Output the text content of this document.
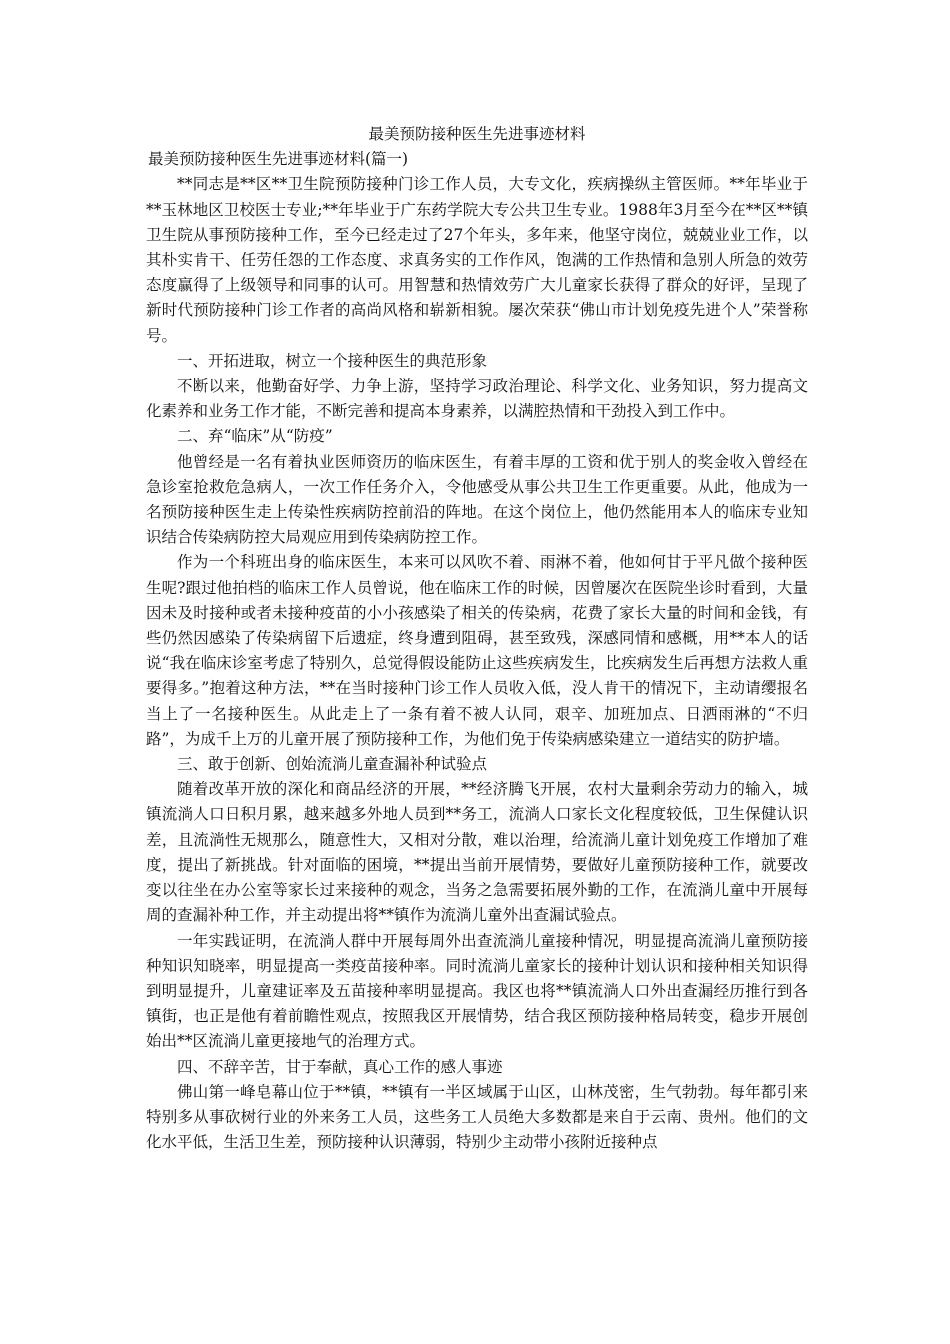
最美预防接种医生先进事迹材料
最美预防接种医生先进事迹材料(篇一)

**同志是**区**卫生院预防接种门诊工作人员，大专文化，疾病操纵主管医师。**年毕业于**玉林地区卫校医士专业;**年毕业于广东药学院大专公共卫生专业。1988年3月至今在**区**镇卫生院从事预防接种工作，至今已经走过了27个年头，多年来，他坚守岗位，兢兢业业工作，以其朴实肯干、任劳任怨的工作态度、求真务实的工作作风，饱满的工作热情和急别人所急的效劳态度赢得了上级领导和同事的认可。用智慧和热情效劳广大儿童家长获得了群众的好评，呈现了新时代预防接种门诊工作者的高尚风格和崭新相貌。屡次荣获“佛山市计划免疫先进个人”荣誉称号。

一、开拓进取，树立一个接种医生的典范形象

不断以来，他勤奋好学、力争上游，坚持学习政治理论、科学文化、业务知识，努力提高文化素养和业务工作才能，不断完善和提高本身素养，以满腔热情和干劲投入到工作中。

二、弃“临床”从“防疫”

他曾经是一名有着执业医师资历的临床医生，有着丰厚的工资和优于别人的奖金收入曾经在急诊室抢救危急病人，一次工作任务介入，令他感受从事公共卫生工作更重要。从此，他成为一名预防接种医生走上传染性疾病防控前沿的阵地。在这个岗位上，他仍然能用本人的临床专业知识结合传染病防控大局观应用到传染病防控工作。

作为一个科班出身的临床医生，本来可以风吹不着、雨淋不着，他如何甘于平凡做个接种医生呢?跟过他拍档的临床工作人员曾说，他在临床工作的时候，因曾屡次在医院坐诊时看到，大量因未及时接种或者未接种疫苗的小小孩感染了相关的传染病，花费了家长大量的时间和金钱，有些仍然因感染了传染病留下后遗症，终身遭到阻碍，甚至致残，深感同情和感概，用**本人的话说“我在临床诊室考虑了特别久，总觉得假设能防止这些疾病发生，比疾病发生后再想方法救人重要得多。”抱着这种方法，**在当时接种门诊工作人员收入低，没人肯干的情况下，主动请缨报名当上了一名接种医生。从此走上了一条有着不被人认同，艰辛、加班加点、日洒雨淋的“不归路”，为成千上万的儿童开展了预防接种工作，为他们免于传染病感染建立一道结实的防护墙。

三、敢于创新、创始流淌儿童查漏补种试验点

随着改革开放的深化和商品经济的开展，**经济腾飞开展，农村大量剩余劳动力的输入，城镇流淌人口日积月累，越来越多外地人员到**务工，流淌人口家长文化程度较低，卫生保健认识差，且流淌性无规那么，随意性大，又相对分散，难以治理，给流淌儿童计划免疫工作增加了难度，提出了新挑战。针对面临的困境，**提出当前开展情势，要做好儿童预防接种工作，就要改变以往坐在办公室等家长过来接种的观念，当务之急需要拓展外勤的工作，在流淌儿童中开展每周的查漏补种工作，并主动提出将**镇作为流淌儿童外出查漏试验点。

一年实践证明，在流淌人群中开展每周外出查流淌儿童接种情况，明显提高流淌儿童预防接种知识知晓率，明显提高一类疫苗接种率。同时流淌儿童家长的接种计划认识和接种相关知识得到明显提升，儿童建证率及五苗接种率明显提高。我区也将**镇流淌人口外出查漏经历推行到各镇街，也正是他有着前瞻性观点，按照我区开展情势，结合我区预防接种格局转变，稳步开展创始出**区流淌儿童更接地气的治理方式。

四、不辞辛苦，甘于奉献，真心工作的感人事迹

佛山第一峰皂幕山位于**镇，**镇有一半区域属于山区，山林茂密，生气勃勃。每年都引来特别多从事砍树行业的外来务工人员，这些务工人员绝大多数都是来自于云南、贵州。他们的文化水平低，生活卫生差，预防接种认识薄弱，特别少主动带小孩附近接种点
